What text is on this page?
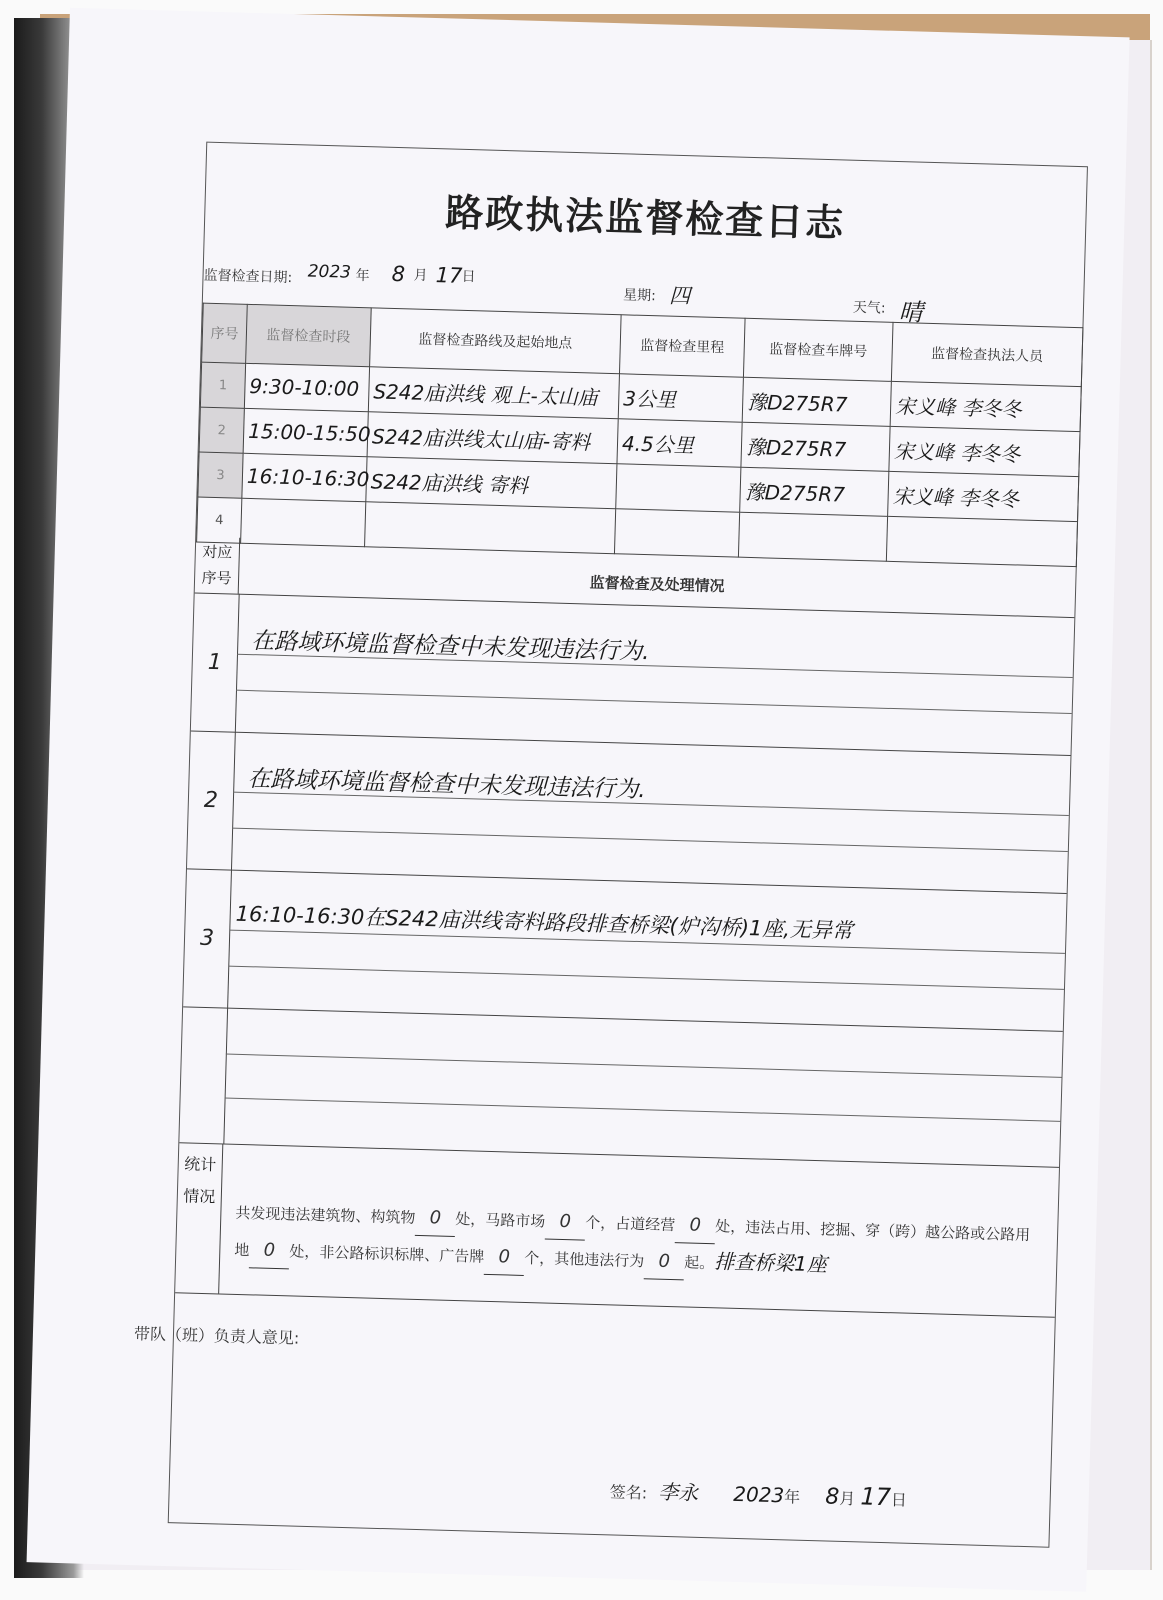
路政执法监督检查日志
监督检查日期: 2023 年 8 月 17
日
星期: 四
天气: 晴
序号	监督检查时段	监督检查路线及起始地点	监督检查里程	监督检查车牌号	监督检查执法人员
1	9:30-10:00	S242庙洪线 观上-太山庙	3公里	豫D275R7	宋义峰 李冬冬
2	15:00-15:50	S242庙洪线太山庙-寄料	4.5公里	豫D275R7	宋义峰 李冬冬
3	16:10-16:30	S242庙洪线 寄料		豫D275R7	宋义峰 李冬冬
4					
对应序号	监督检查及处理情况
1	在路域环境监督检查中未发现违法行为.
2	在路域环境监督检查中未发现违法行为.
3	16:10-16:30在S242庙洪线寄料路段排查桥梁(炉沟桥)1座,无异常
统计情况
共发现违法建筑物、构筑物 0 处，马路市场 0 个，占道经营 0 处，违法占用、挖掘、穿（跨）越公路或公路用地 0 处，非公路标识标牌、广告牌 0 个，其他违法行为 0 起。排查桥梁1座
带队（班）负责人意见:
签名: 李永 2023年 8月 17日
